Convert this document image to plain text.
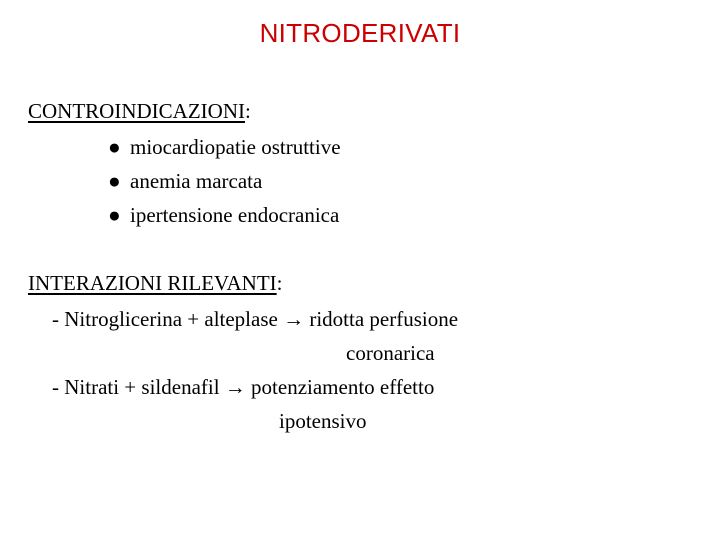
NITRODERIVATI
CONTROINDICAZIONI:
● miocardiopatie ostruttive
● anemia marcata
● ipertensione endocranica
INTERAZIONI RILEVANTI:
- Nitroglicerina + alteplase → ridotta perfusione
coronarica
- Nitrati + sildenafil → potenziamento effetto
ipotensivo
